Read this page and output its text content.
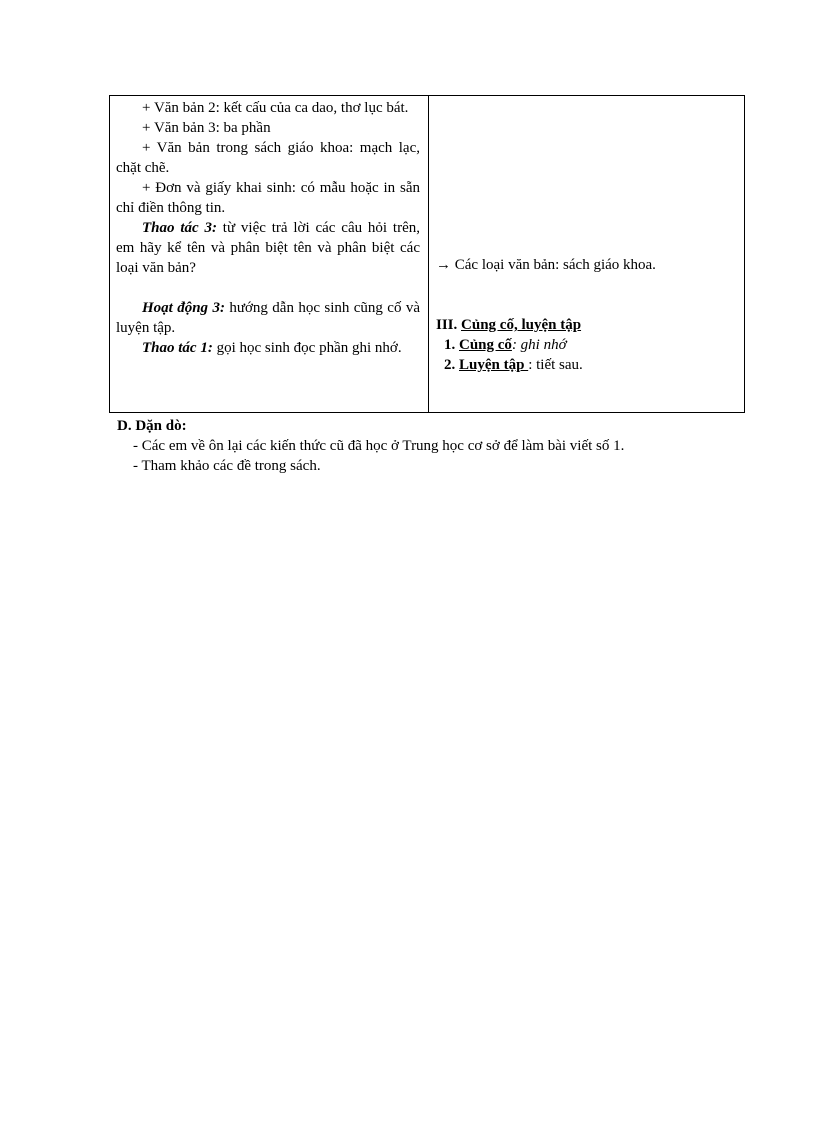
+ Văn bản 2: kết cấu của ca dao, thơ lục bát.

+ Văn bản 3: ba phần

+ Văn bản trong sách giáo khoa: mạch lạc, chặt chẽ.

+ Đơn và giấy khai sinh: có mẫu hoặc in sẵn chỉ điền thông tin.

Thao tác 3: từ việc trả lời các câu hỏi trên, em hãy kể tên và phân biệt tên và phân biệt các loại văn bản?

Hoạt động 3: hướng dẫn học sinh cũng cố và luyện tập.

Thao tác 1: gọi học sinh đọc phần ghi nhớ.

→ Các loại văn bản: sách giáo khoa.
III. Củng cố, luyện tập
1. Củng cố: ghi nhớ
2. Luyện tập : tiết sau.

D. Dặn dò:

- Các em về ôn lại các kiến thức cũ đã học ở Trung học cơ sở để làm bài viết số 1.

- Tham khảo các đề trong sách.
